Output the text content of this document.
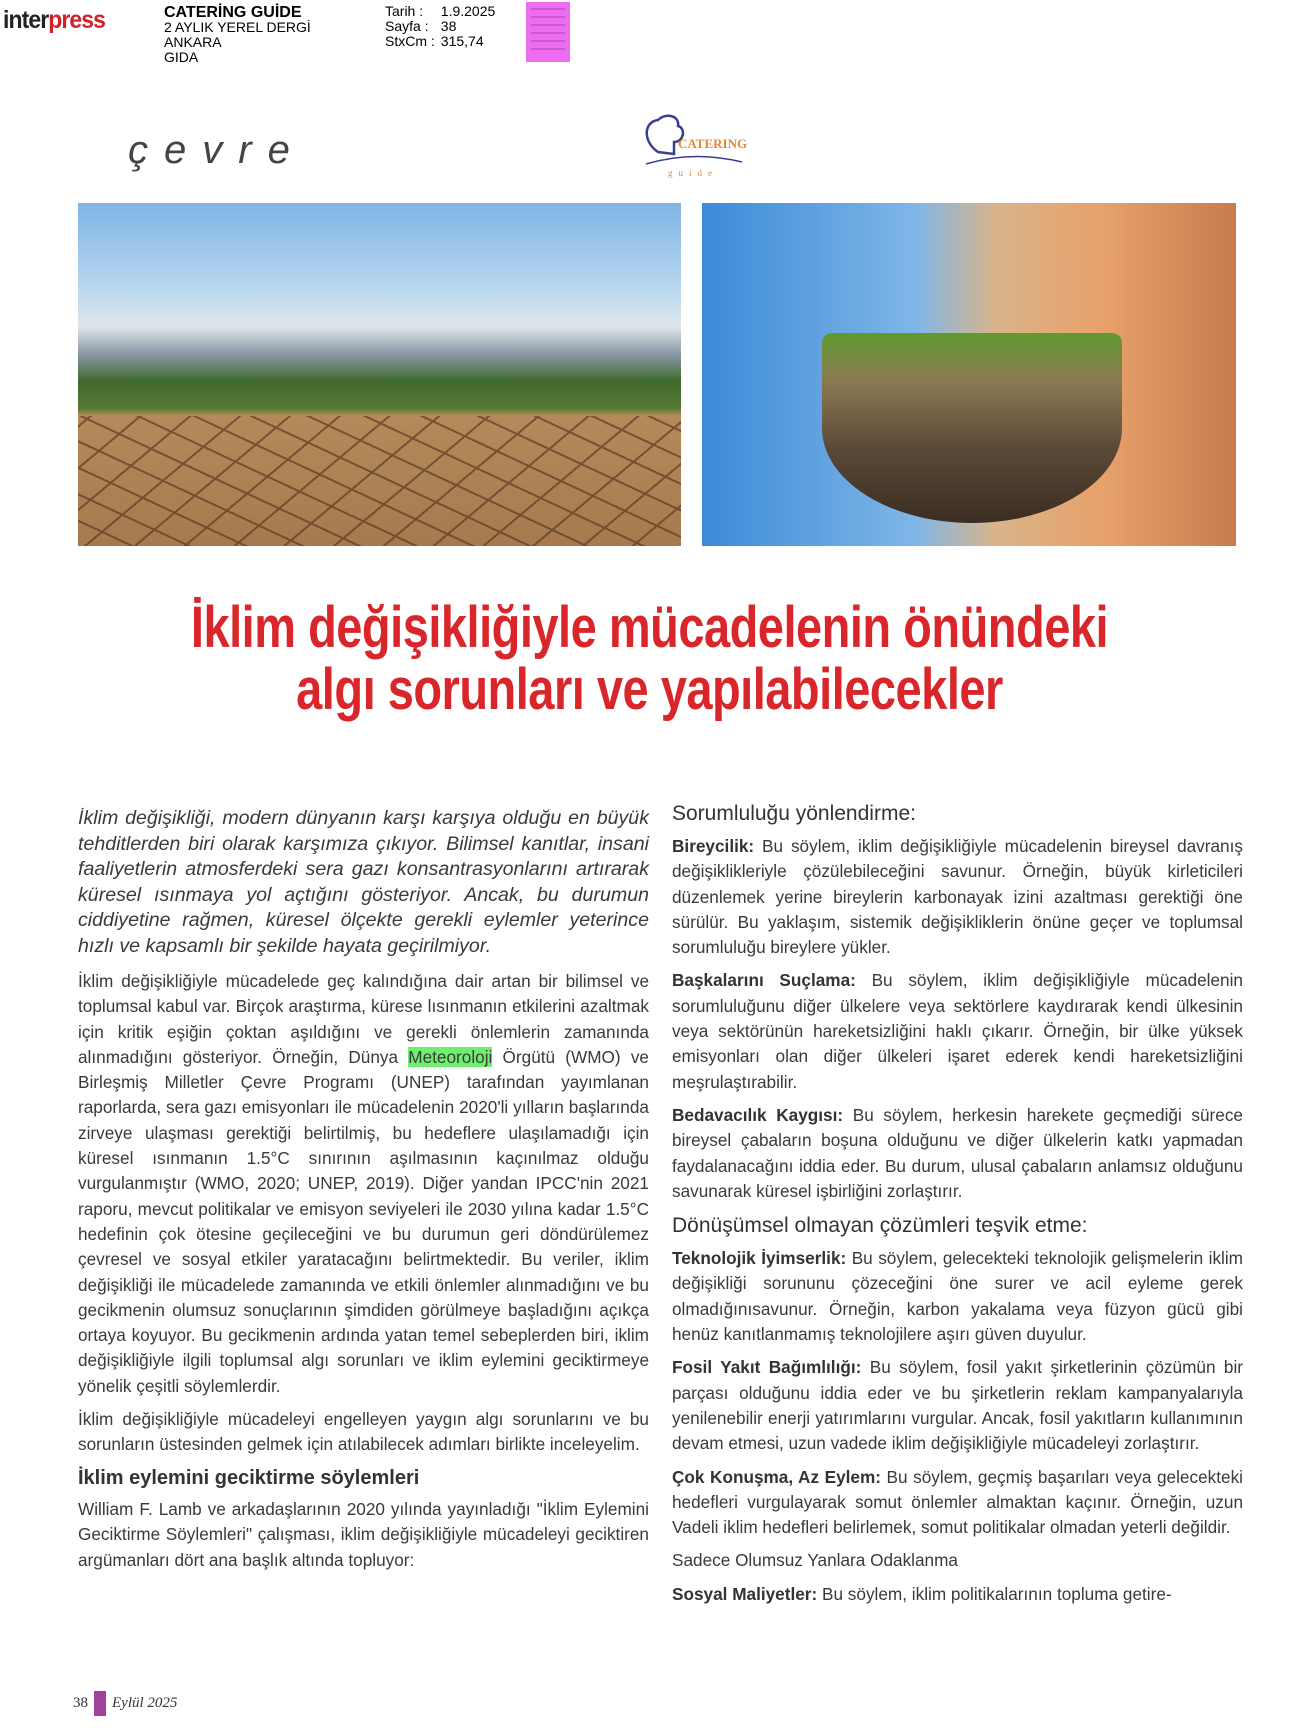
interpress	CATERİNG GUİDE
2 AYLIK YEREL DERGİ
ANKARA
GIDA
Tarih :	1.9.2025
Sayfa :	38
StxCm :	315,74
çevre	CATERING
guide
İklim değişikliğiyle mücadelenin önündeki
algı sorunları ve yapılabilecekler

İklim değişikliği, modern dünyanın karşı karşıya olduğu en büyük tehditlerden biri olarak karşımıza çıkıyor. Bilimsel kanıtlar, insani faaliyetlerin atmosferdeki sera gazı konsantrasyonlarını artırarak küresel ısınmaya yol açtığını gösteriyor. Ancak, bu durumun ciddiyetine rağmen, küresel ölçekte gerekli eylemler yeterince hızlı ve kapsamlı bir şekilde hayata geçirilmiyor.

İklim değişikliğiyle mücadelede geç kalındığına dair artan bir bilimsel ve toplumsal kabul var. Birçok araştırma, kürese lısınmanın etkilerini azaltmak için kritik eşiğin çoktan aşıldığını ve gerekli önlemlerin zamanında alınmadığını gösteriyor. Örneğin, Dünya Meteoroloji Örgütü (WMO) ve Birleşmiş Milletler Çevre Programı (UNEP) tarafından yayımlanan raporlarda, sera gazı emisyonları ile mücadelenin 2020'li yılların başlarında zirveye ulaşması gerektiği belirtilmiş, bu hedeflere ulaşılamadığı için küresel ısınmanın 1.5°C sınırının aşılmasının kaçınılmaz olduğu vurgulanmıştır (WMO, 2020; UNEP, 2019). Diğer yandan IPCC'nin 2021 raporu, mevcut politikalar ve emisyon seviyeleri ile 2030 yılına kadar 1.5°C hedefinin çok ötesine geçileceğini ve bu durumun geri döndürülemez çevresel ve sosyal etkiler yaratacağını belirtmektedir. Bu veriler, iklim değişikliği ile mücadelede zamanında ve etkili önlemler alınmadığını ve bu gecikmenin olumsuz sonuçlarının şimdiden görülmeye başladığını açıkça ortaya koyuyor. Bu gecikmenin ardında yatan temel sebeplerden biri, iklim değişikliğiyle ilgili toplumsal algı sorunları ve iklim eylemini geciktirmeye yönelik çeşitli söylemlerdir.

İklim değişikliğiyle mücadeleyi engelleyen yaygın algı sorunlarını ve bu sorunların üstesinden gelmek için atılabilecek adımları birlikte inceleyelim.

İklim eylemini geciktirme söylemleri

William F. Lamb ve arkadaşlarının 2020 yılında yayınladığı "İklim Eylemini Geciktirme Söylemleri" çalışması, iklim değişikliğiyle mücadeleyi geciktiren argümanları dört ana başlık altında topluyor:

Sorumluluğu yönlendirme:

Bireycilik: Bu söylem, iklim değişikliğiyle mücadelenin bireysel davranış değişiklikleriyle çözülebileceğini savunur. Örneğin, büyük kirleticileri düzenlemek yerine bireylerin karbonayak izini azaltması gerektiği öne sürülür. Bu yaklaşım, sistemik değişikliklerin önüne geçer ve toplumsal sorumluluğu bireylere yükler.

Başkalarını Suçlama: Bu söylem, iklim değişikliğiyle mücadelenin sorumluluğunu diğer ülkelere veya sektörlere kaydırarak kendi ülkesinin veya sektörünün hareketsizliğini haklı çıkarır. Örneğin, bir ülke yüksek emisyonları olan diğer ülkeleri işaret ederek kendi hareketsizliğini meşrulaştırabilir.

Bedavacılık Kaygısı: Bu söylem, herkesin harekete geçmediği sürece bireysel çabaların boşuna olduğunu ve diğer ülkelerin katkı yapmadan faydalanacağını iddia eder. Bu durum, ulusal çabaların anlamsız olduğunu savunarak küresel işbirliğini zorlaştırır.

Dönüşümsel olmayan çözümleri teşvik etme:

Teknolojik İyimserlik: Bu söylem, gelecekteki teknolojik gelişmelerin iklim değişikliği sorununu çözeceğini öne surer ve acil eyleme gerek olmadığınısavunur. Örneğin, karbon yakalama veya füzyon gücü gibi henüz kanıtlanmamış teknolojilere aşırı güven duyulur.

Fosil Yakıt Bağımlılığı: Bu söylem, fosil yakıt şirketlerinin çözümün bir parçası olduğunu iddia eder ve bu şirketlerin reklam kampanyalarıyla yenilenebilir enerji yatırımlarını vurgular. Ancak, fosil yakıtların kullanımının devam etmesi, uzun vadede iklim değişikliğiyle mücadeleyi zorlaştırır.

Çok Konuşma, Az Eylem: Bu söylem, geçmiş başarıları veya gelecekteki hedefleri vurgulayarak somut önlemler almaktan kaçınır. Örneğin, uzun Vadeli iklim hedefleri belirlemek, somut politikalar olmadan yeterli değildir.

Sadece Olumsuz Yanlara Odaklanma

Sosyal Maliyetler: Bu söylem, iklim politikalarının topluma getire-

38 Eylül 2025
